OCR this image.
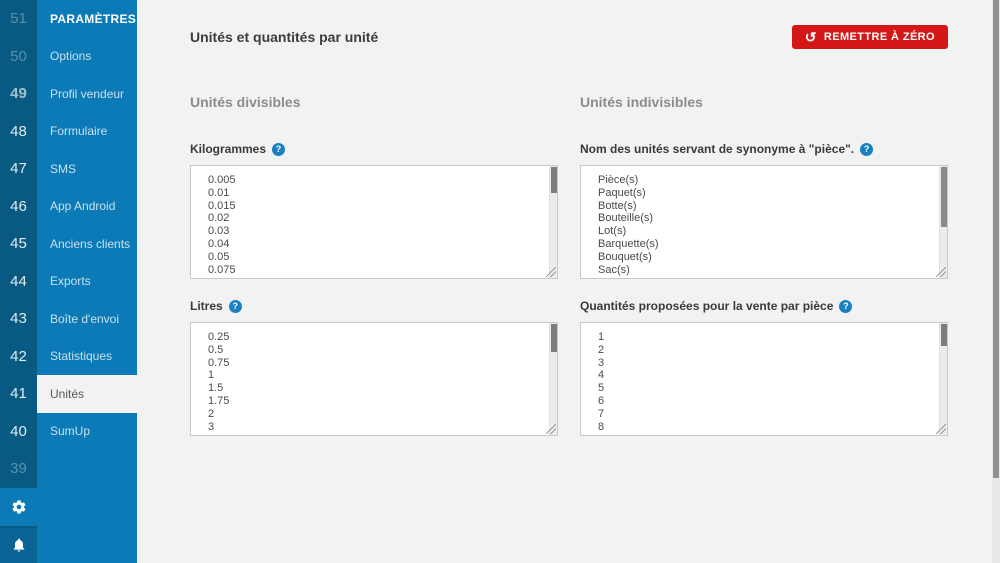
51
50
49
48
47
46
45
44
43
42
41
40
39
PARAMÈTRES
Options
Profil vendeur
Formulaire
SMS
App Android
Anciens clients
Exports
Boîte d'envoi
Statistiques
Unités
SumUp
Unités et quantités par unité	↺ REMETTRE À ZÉRO
Unités divisibles
Kilogrammes	?
0.005 0.01 0.015 0.02 0.03 0.04 0.05 0.075
Litres	?
0.25 0.5 0.75 1 1.5 1.75 2 3
Unités indivisibles
Nom des unités servant de synonyme à "pièce".	?
Pièce(s) Paquet(s) Botte(s) Bouteille(s) Lot(s) Barquette(s) Bouquet(s) Sac(s)
Quantités proposées pour la vente par pièce	?
1 2 3 4 5 6 7 8
